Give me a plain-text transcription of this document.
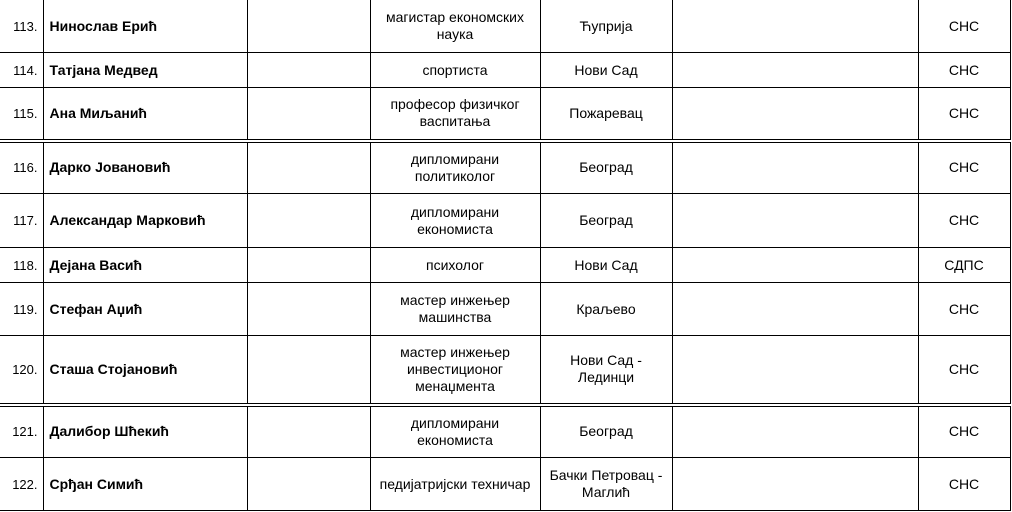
113.	Нинослав Ерић		магистар економских наука	Ћуприја		СНС
114.	Татјана Медвед		спортиста	Нови Сад		СНС
115.	Ана Миљанић		професор физичког васпитања	Пожаревац		СНС
116.	Дарко Јовановић		дипломирани политиколог	Београд		СНС
117.	Александар Марковић		дипломирани економиста	Београд		СНС
118.	Дејана Васић		психолог	Нови Сад		СДПС
119.	Стефан Аџић		мастер инжењер машинства	Краљево		СНС
120.	Сташа Стојановић		мастер инжењер инвестиционог менаџмента	Нови Сад - Лединци		СНС
121.	Далибор Шћекић		дипломирани економиста	Београд		СНС
122.	Срђан Симић		педијатријски техничар	Бачки Петровац - Маглић		СНС
